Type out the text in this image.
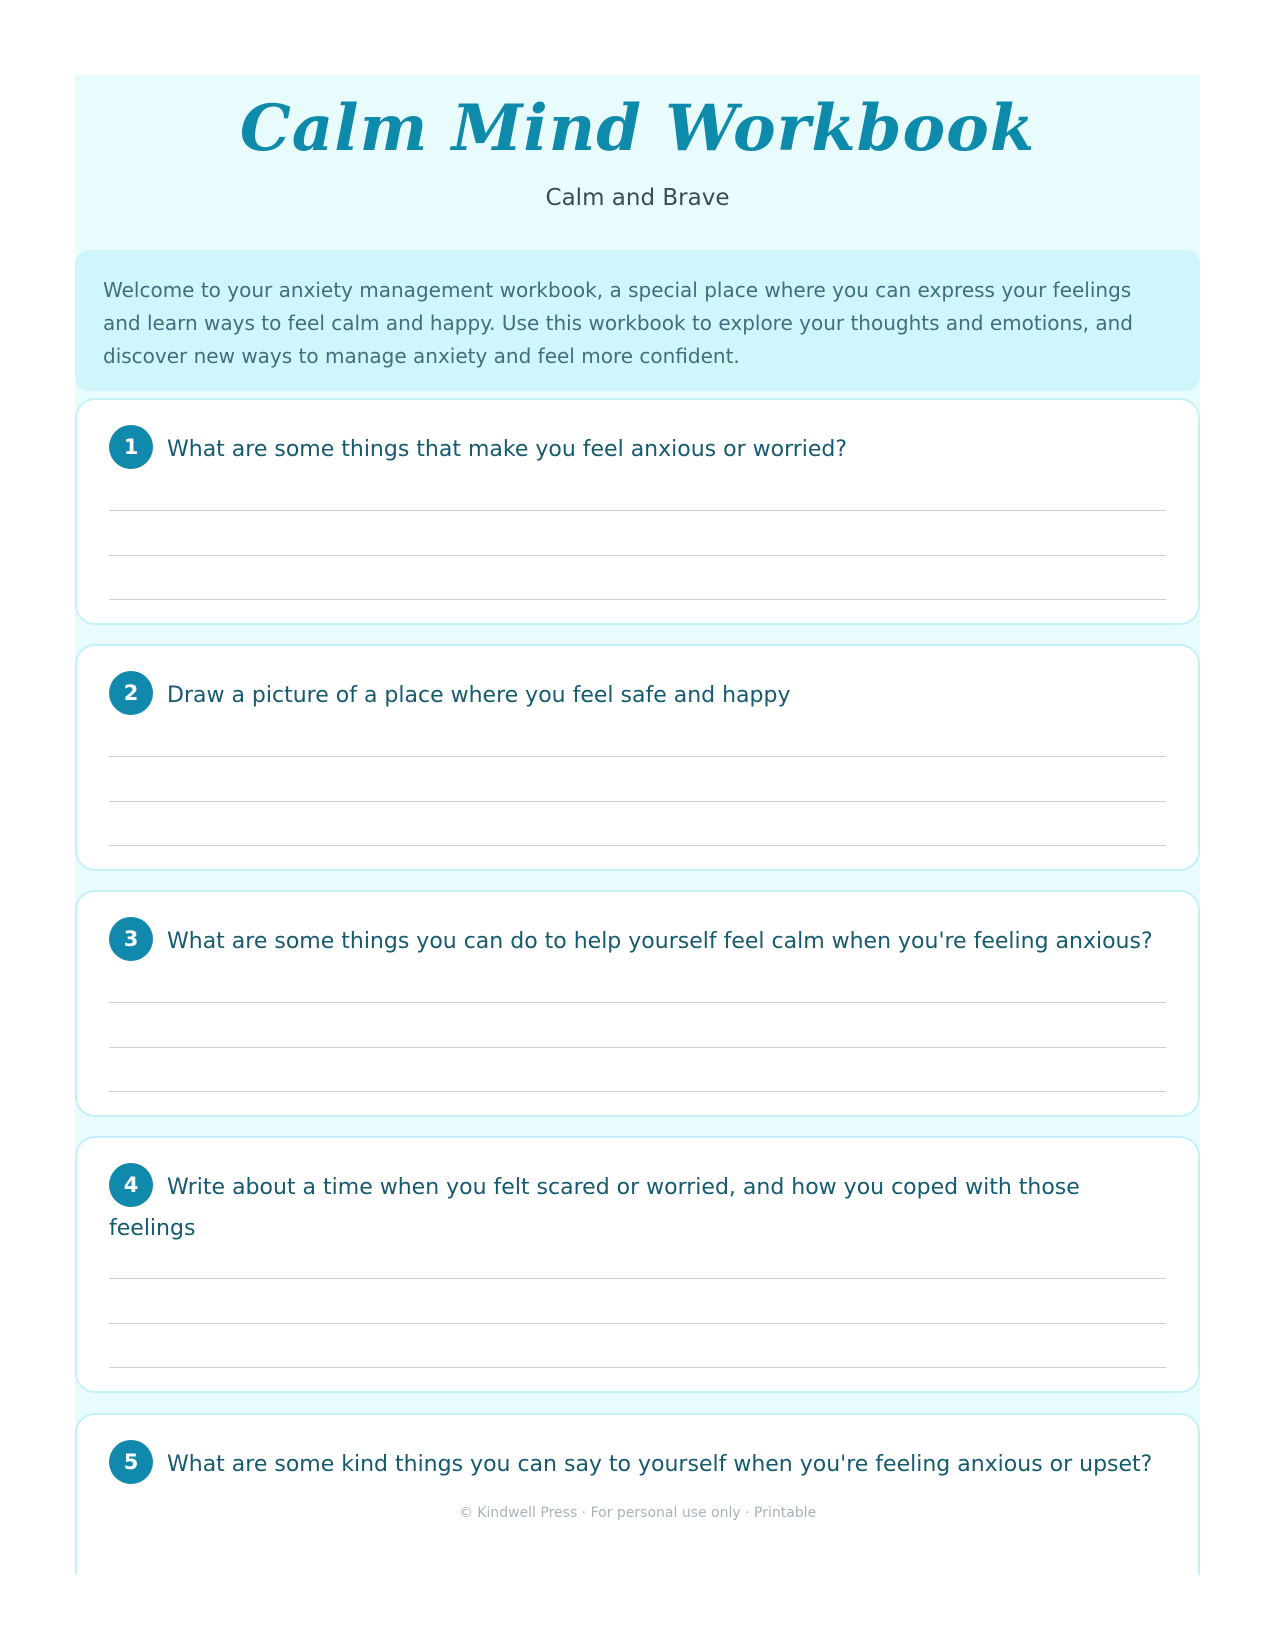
Calm Mind Workbook
Calm and Brave
Welcome to your anxiety management workbook, a special place where you can express your feelings and learn ways to feel calm and happy. Use this workbook to explore your thoughts and emotions, and discover new ways to manage anxiety and feel more confident.
1 What are some things that make you feel anxious or worried?
2 Draw a picture of a place where you feel safe and happy
3 What are some things you can do to help yourself feel calm when you're feeling anxious?
4 Write about a time when you felt scared or worried, and how you coped with those feelings
5 What are some kind things you can say to yourself when you're feeling anxious or upset?
© Kindwell Press · For personal use only · Printable
